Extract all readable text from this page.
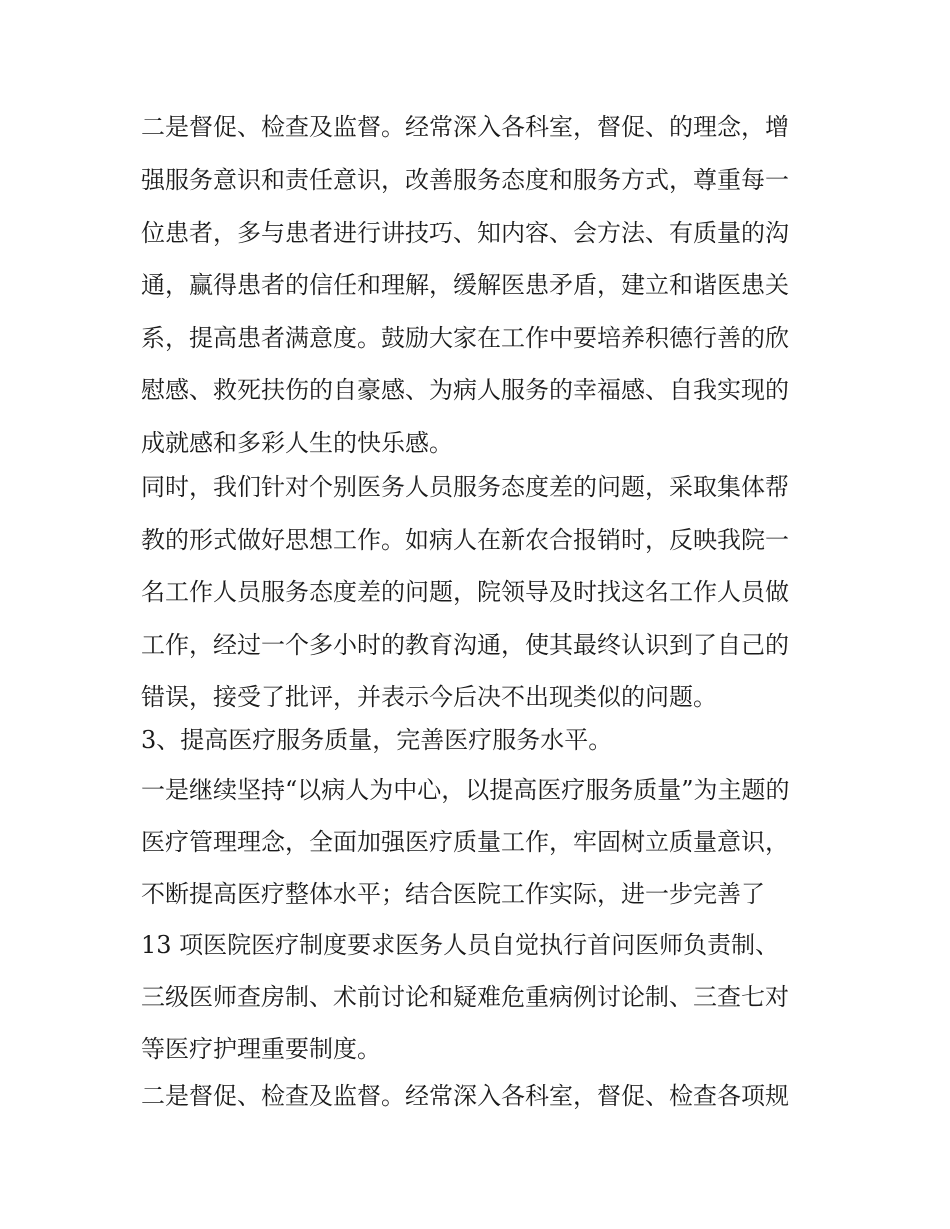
二是督促、检查及监督。经常深入各科室，督促、的理念，增
强服务意识和责任意识，改善服务态度和服务方式，尊重每一
位患者，多与患者进行讲技巧、知内容、会方法、有质量的沟
通，赢得患者的信任和理解，缓解医患矛盾，建立和谐医患关
系，提高患者满意度。鼓励大家在工作中要培养积德行善的欣
慰感、救死扶伤的自豪感、为病人服务的幸福感、自我实现的
成就感和多彩人生的快乐感。
同时，我们针对个别医务人员服务态度差的问题，采取集体帮
教的形式做好思想工作。如病人在新农合报销时，反映我院一
名工作人员服务态度差的问题，院领导及时找这名工作人员做
工作，经过一个多小时的教育沟通，使其最终认识到了自己的
错误，接受了批评，并表示今后决不出现类似的问题。
3、提高医疗服务质量，完善医疗服务水平。
一是继续坚持“以病人为中心，以提高医疗服务质量”为主题的
医疗管理理念，全面加强医疗质量工作，牢固树立质量意识，
不断提高医疗整体水平；结合医院工作实际，进一步完善了
13 项医院医疗制度要求医务人员自觉执行首问医师负责制、
三级医师查房制、术前讨论和疑难危重病例讨论制、三查七对
等医疗护理重要制度。
二是督促、检查及监督。经常深入各科室，督促、检查各项规
